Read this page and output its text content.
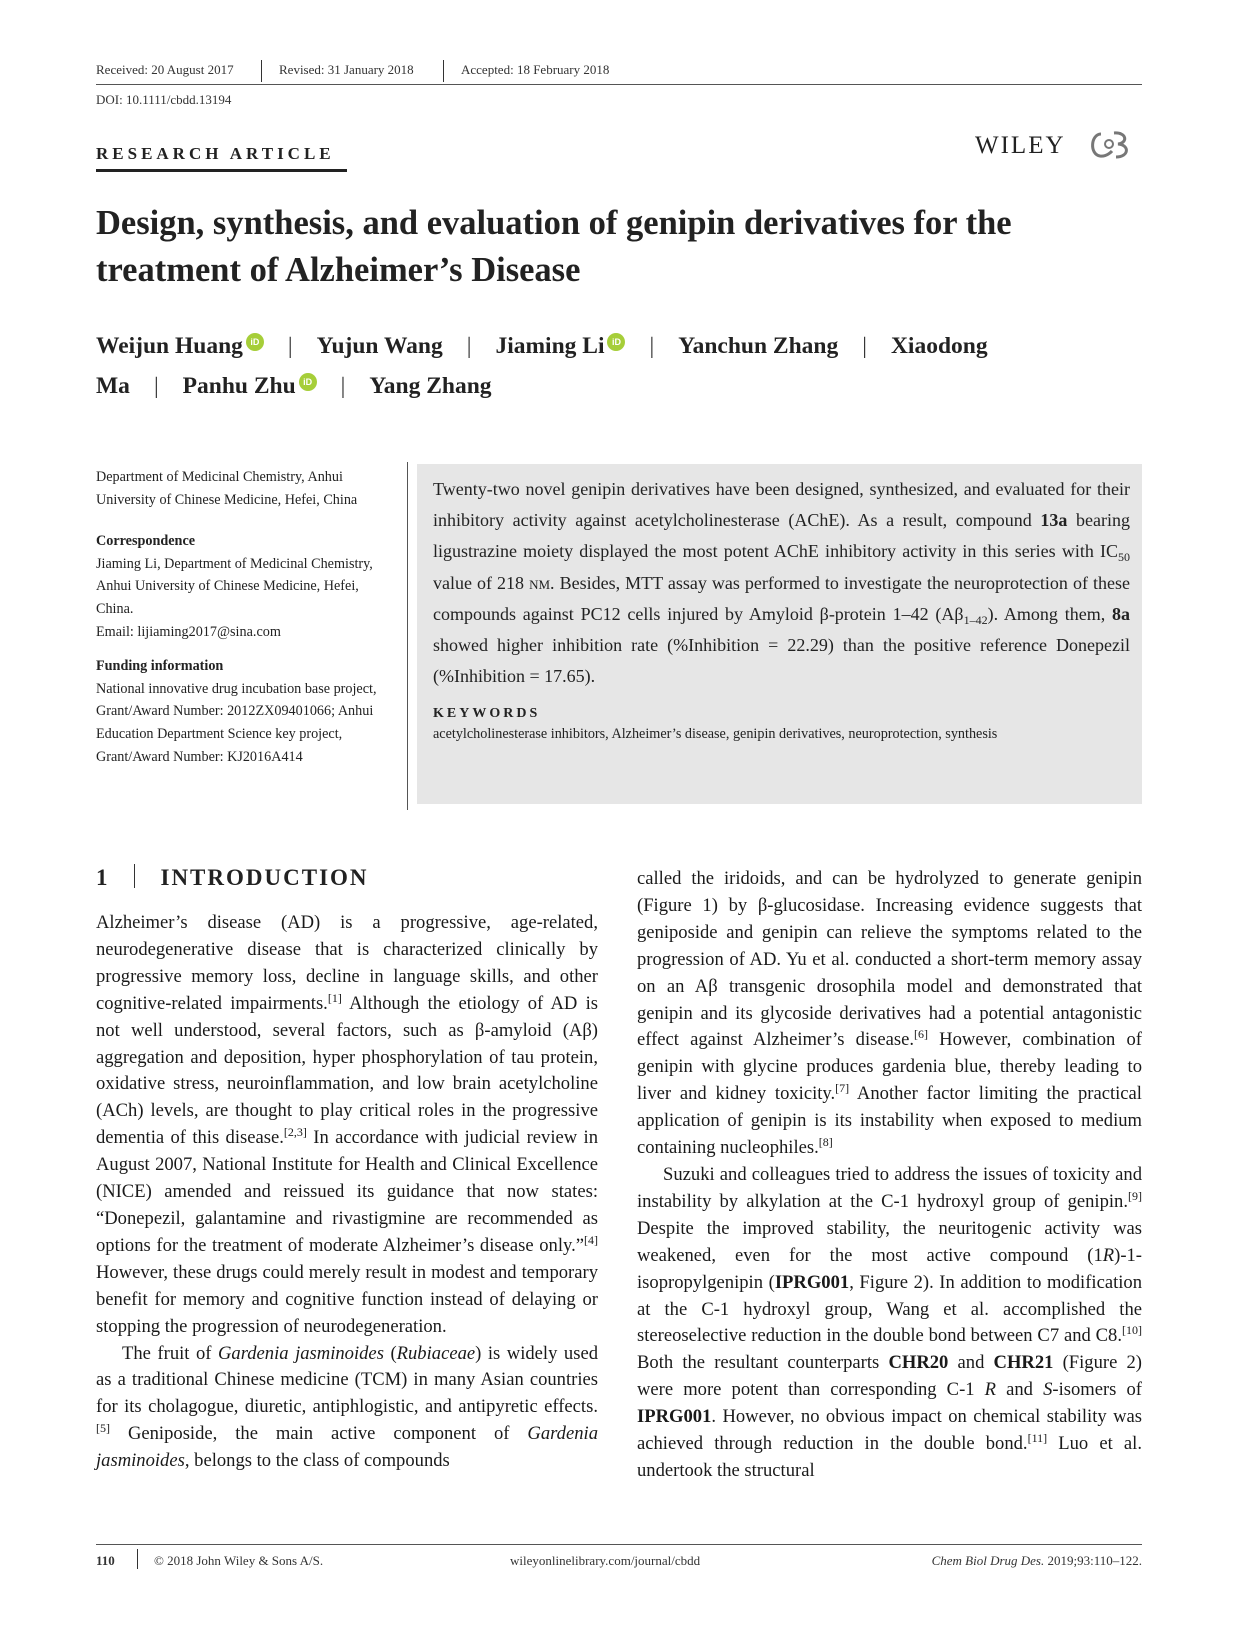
Received: 20 August 2017	Revised: 31 January 2018	Accepted: 18 February 2018
DOI: 10.1111/cbdd.13194
RESEARCH ARTICLE	WILEY
Design, synthesis, and evaluation of genipin derivatives for the treatment of Alzheimer’s Disease
Weijun Huang iD | Yujun Wang | Jiaming Li iD | Yanchun Zhang | Xiaodong
Ma | Panhu Zhu iD | Yang Zhang
Department of Medicinal Chemistry, Anhui University of Chinese Medicine, Hefei, China
Correspondence
Jiaming Li, Department of Medicinal Chemistry, Anhui University of Chinese Medicine, Hefei, China.
Email: lijiaming2017@sina.com
Funding information
National innovative drug incubation base project, Grant/Award Number: 2012ZX09401066; Anhui Education Department Science key project, Grant/Award Number: KJ2016A414
Twenty-two novel genipin derivatives have been designed, synthesized, and evaluated for their inhibitory activity against acetylcholinesterase (AChE). As a result, compound 13a bearing ligustrazine moiety displayed the most potent AChE inhibitory activity in this series with $IC_{50}$ value of 218 nm. Besides, MTT assay was performed to investigate the neuroprotection of these compounds against PC12 cells injured by Amyloid β-protein 1–42 $(A\beta_{1-42})$. Among them, 8a showed higher inhibition rate (%Inhibition = 22.29) than the positive reference Donepezil (%Inhibition = 17.65).
KEYWORDS
acetylcholinesterase inhibitors, Alzheimer’s disease, genipin derivatives, neuroprotection, synthesis
1 INTRODUCTION

Alzheimer’s disease (AD) is a progressive, age-related, neurodegenerative disease that is characterized clinically by progressive memory loss, decline in language skills, and other cognitive-related impairments.[1] Although the etiology of AD is not well understood, several factors, such as β-amyloid (Aβ) aggregation and deposition, hyper phosphorylation of tau protein, oxidative stress, neuroinflammation, and low brain acetylcholine (ACh) levels, are thought to play critical roles in the progressive dementia of this disease.[2,3] In accordance with judicial review in August 2007, National Institute for Health and Clinical Excellence (NICE) amended and reissued its guidance that now states: “Donepezil, galantamine and rivastigmine are recommended as options for the treatment of moderate Alzheimer’s disease only.”[4] However, these drugs could merely result in modest and temporary benefit for memory and cognitive function instead of delaying or stopping the progression of neurodegeneration.

The fruit of Gardenia jasminoides (Rubiaceae) is widely used as a traditional Chinese medicine (TCM) in many Asian countries for its cholagogue, diuretic, antiphlogistic, and antipyretic effects.[5] Geniposide, the main active component of Gardenia jasminoides, belongs to the class of compounds

called the iridoids, and can be hydrolyzed to generate genipin (Figure 1) by β-glucosidase. Increasing evidence suggests that geniposide and genipin can relieve the symptoms related to the progression of AD. Yu et al. conducted a short-term memory assay on an Aβ transgenic drosophila model and demonstrated that genipin and its glycoside derivatives had a potential antagonistic effect against Alzheimer’s disease.[6] However, combination of genipin with glycine produces gardenia blue, thereby leading to liver and kidney toxicity.[7] Another factor limiting the practical application of genipin is its instability when exposed to medium containing nucleophiles.[8]

Suzuki and colleagues tried to address the issues of toxicity and instability by alkylation at the C-1 hydroxyl group of genipin.[9] Despite the improved stability, the neuritogenic activity was weakened, even for the most active compound (1R)-1-isopropylgenipin (IPRG001, Figure 2). In addition to modification at the C-1 hydroxyl group, Wang et al. accomplished the stereoselective reduction in the double bond between C7 and C8.[10] Both the resultant counterparts CHR20 and CHR21 (Figure 2) were more potent than corresponding C-1 R and S-isomers of IPRG001. However, no obvious impact on chemical stability was achieved through reduction in the double bond.[11] Luo et al. undertook the structural

110	© 2018 John Wiley & Sons A/S.	wileyonlinelibrary.com/journal/cbdd	Chem Biol Drug Des. 2019;93:110–122.
